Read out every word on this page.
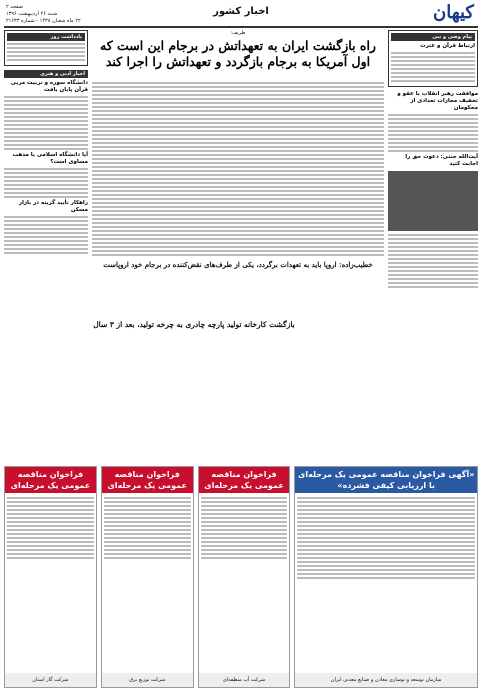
کیهان
اخبار کشور
صفحه ۲
شنبه ۲۶ اردیبهشت ۱۳۹۶
۲۲ ماه شعبان ۱۴۳۸ - شماره ۲۱۶۳۳
ظریف:
راه بازگشت ایران به تعهداتش در برجام این است که اول آمریکا به برجام بازگردد و تعهداتش را اجرا کند
پیام وصی و نبی
ارتباط قرآن و عترت
موافقت رهبر انقلاب با عفو و تخفیف مجازات تعدادی از محکومان
آیت‌الله جنتی: دعوت حق را اجابت کنید
یادداشت روز
اخبار ادبی و هنری
دانشگاه سوره و تربیت مربی قرآن پایان یافت
آیا دانشگاه اسلامی با مذهب مساوی است؟
راهکار تأیید گزینه در بازار مسکن
خطیب‌زاده: اروپا باید به تعهدات برگردد، یکی از طرف‌های نقض‌کننده در برجام خود اروپاست
بازگشت کارخانه تولید پارچه چادری به چرخه تولید، بعد از ۳ سال
«آگهی فراخوان مناقصه عمومی یک مرحله‌ای با ارزیابی کیفی فشرده»
سازمان توسعه و نوسازی معادن و صنایع معدنی ایران
فراخوان مناقصه عمومی یک مرحله‌ای
شرکت آب منطقه‌ای
فراخوان مناقصه عمومی یک مرحله‌ای
شرکت توزیع برق
فراخوان مناقصه عمومی یک مرحله‌ای
شرکت گاز استان
